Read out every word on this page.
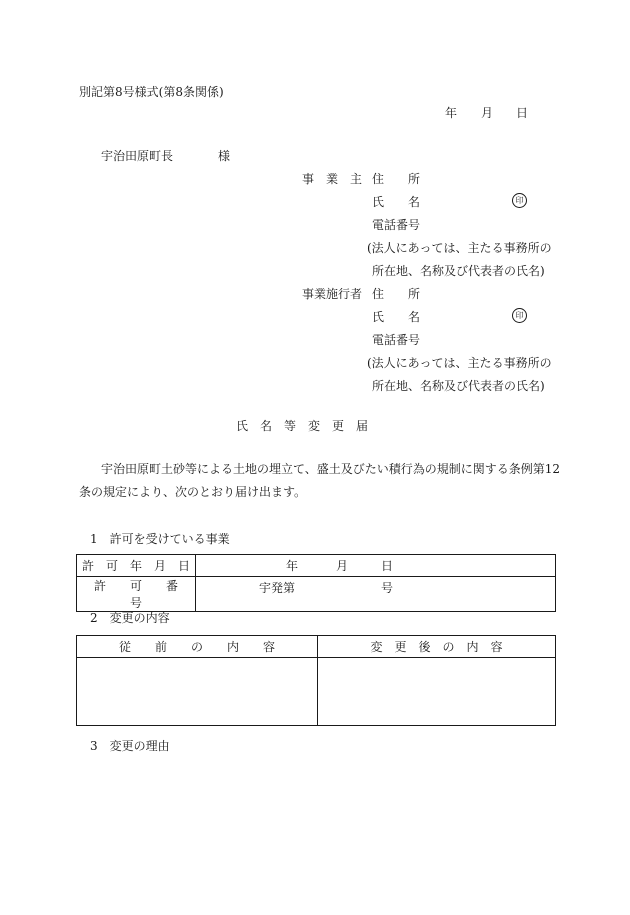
別記第8号様式(第8条関係)
年 月 日
宇治田原町長	様
事　業　主 住　　所
氏　　名	印
電話番号
(法人にあっては、主たる事務所の
所在地、名称及び代表者の氏名)
事業施行者 住　　所
氏　　名	印
電話番号
(法人にあっては、主たる事務所の
所在地、名称及び代表者の氏名)
氏　名　等　変　更　届
宇治田原町土砂等による土地の埋立て、盛土及びたい積行為の規制に関する条例第12
条の規定により、次のとおり届け出ます。
1　許可を受けている事業
許　可　年　月　日	年 月 日

許　　可　　番　　号	宇発第 号
2　変更の内容
従　　前　　の　　内　　容	変　更　後　の　内　容

3　変更の理由
